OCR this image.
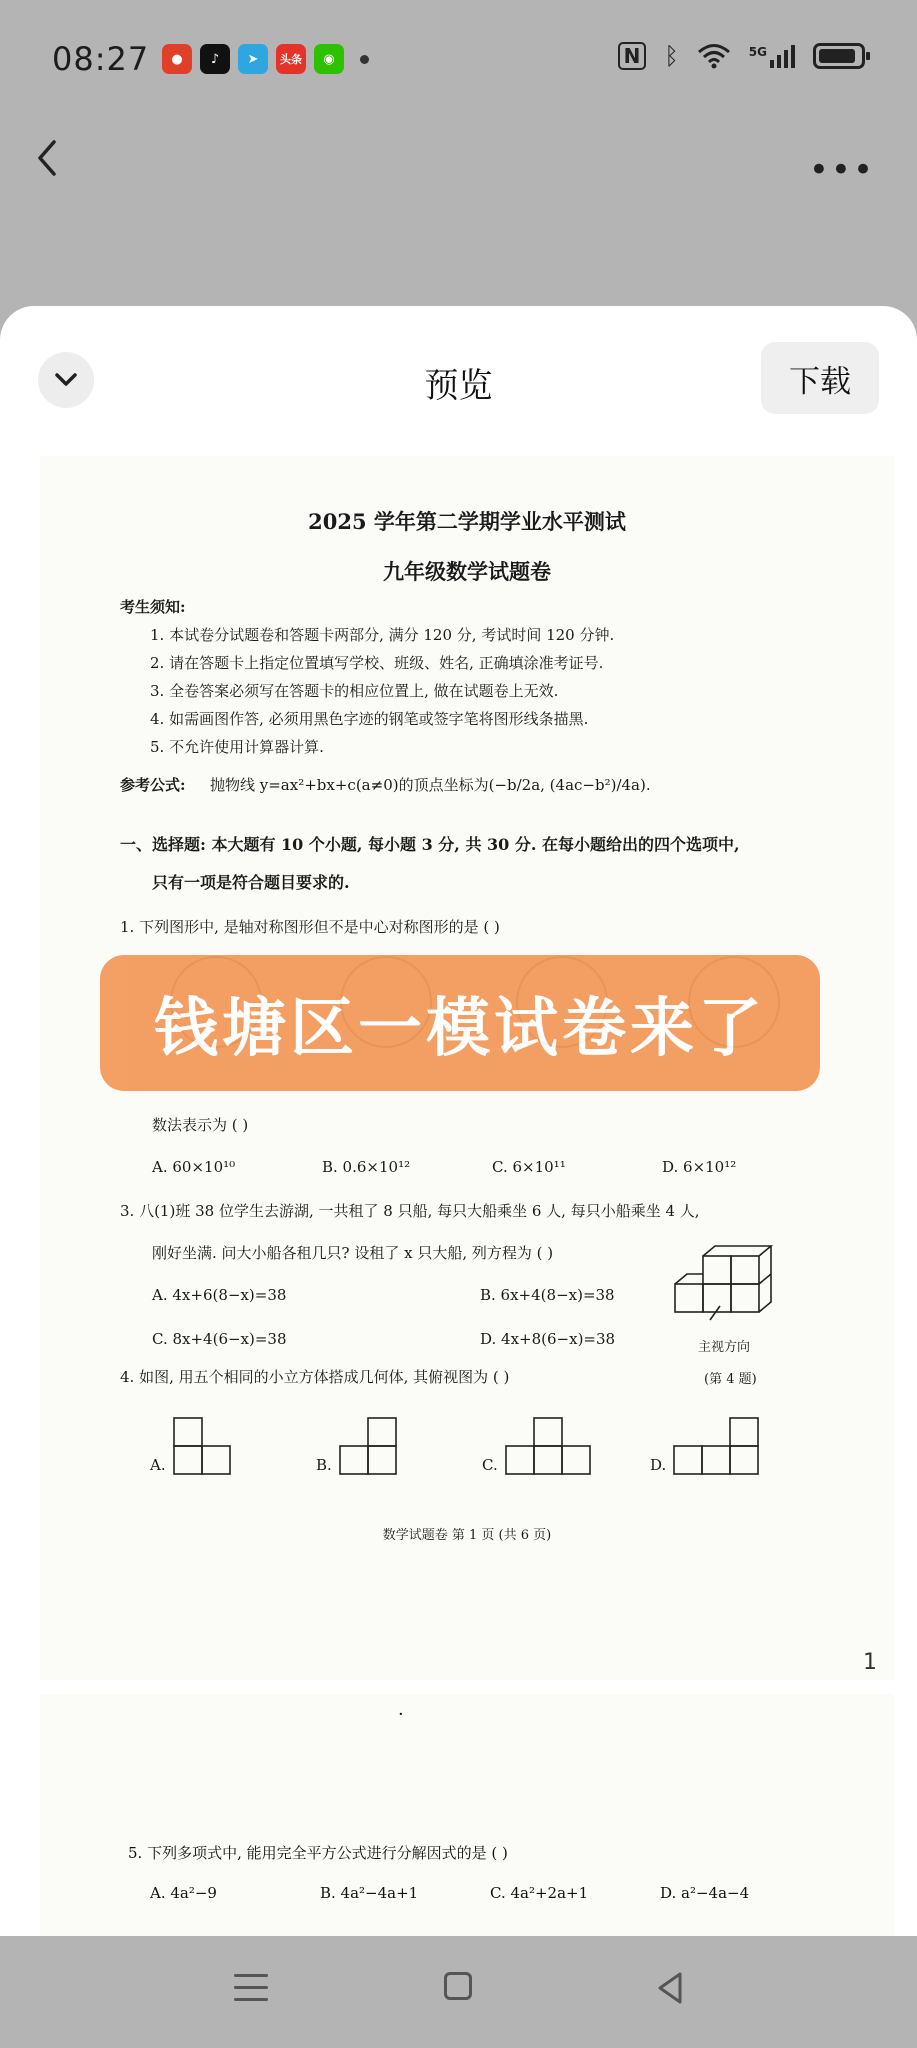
08:27	●	♪	➤	头条	◉	N ᛒ	5G
•••
预览	下载
2025 学年第二学期学业水平测试
九年级数学试题卷
考生须知:
1. 本试卷分试题卷和答题卡两部分, 满分 120 分, 考试时间 120 分钟.
2. 请在答题卡上指定位置填写学校、班级、姓名, 正确填涂准考证号.
3. 全卷答案必须写在答题卡的相应位置上, 做在试题卷上无效.
4. 如需画图作答, 必须用黑色字迹的钢笔或签字笔将图形线条描黑.
5. 不允许使用计算器计算.
参考公式: 抛物线 y=ax²+bx+c(a≠0)的顶点坐标为(−b/2a, (4ac−b²)/4a).
一、选择题: 本大题有 10 个小题, 每小题 3 分, 共 30 分. 在每小题给出的四个选项中,
只有一项是符合题目要求的.
1. 下列图形中, 是轴对称图形但不是中心对称图形的是 ( )
数法表示为 ( )
A. 60×10¹⁰	B. 0.6×10¹²	C. 6×10¹¹	D. 6×10¹²
3. 八(1)班 38 位学生去游湖, 一共租了 8 只船, 每只大船乘坐 6 人, 每只小船乘坐 4 人,
刚好坐满. 问大小船各租几只? 设租了 x 只大船, 列方程为 ( )
A. 4x+6(8−x)=38	B. 6x+4(8−x)=38
C. 8x+4(6−x)=38	D. 4x+8(6−x)=38	主视方向
(第 4 题)
4. 如图, 用五个相同的小立方体搭成几何体, 其俯视图为 ( )
A.	B.	C.	D.
数学试题卷 第 1 页 (共 6 页)
1
·
5. 下列多项式中, 能用完全平方公式进行分解因式的是 ( )
A. 4a²−9	B. 4a²−4a+1	C. 4a²+2a+1	D. a²−4a−4
钱塘区一模试卷来了
